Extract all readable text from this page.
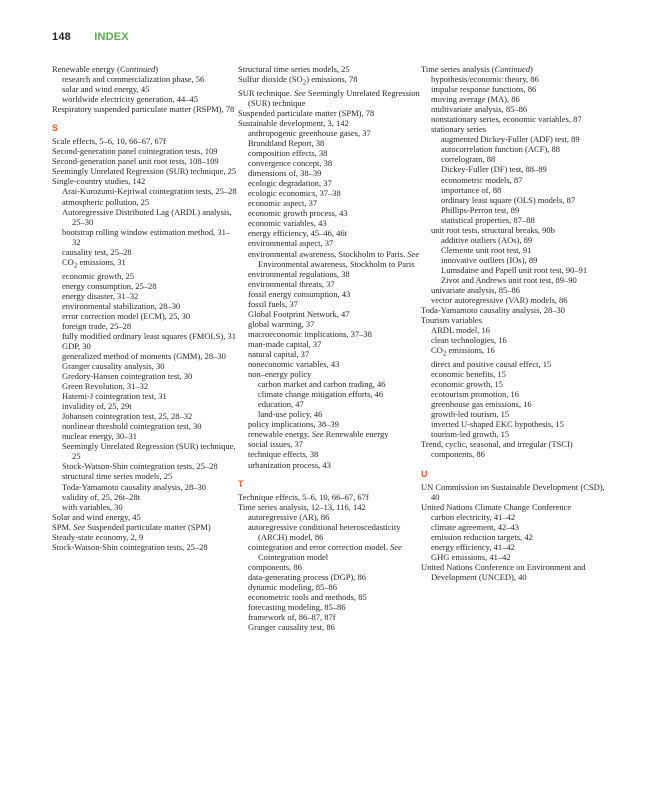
148 INDEX
Renewable energy (Continued)
research and commercialization phase, 56
solar and wind energy, 45
worldwide electricity generation, 44–45
Respiratory suspended particulate matter (RSPM), 78
S
Scale effects, 5–6, 10, 66–67, 67f
Second-generation panel cointegration tests, 109
Second-generation panel unit root tests, 108–109
Seemingly Unrelated Regression (SUR) technique, 25
Single-country studies, 142
Arai-Kurozumi-Kejriwal cointegration tests, 25–28
atmospheric pollution, 25
Autoregressive Distributed Lag (ARDL) analysis, 25–30
bootstrap rolling window estimation method, 31–32
causality test, 25–28
$CO_2$ emissions, 31
economic growth, 25
energy consumption, 25–28
energy disaster, 31–32
environmental stabilization, 28–30
error correction model (ECM), 25, 30
foreign trade, 25–28
fully modified ordinary least squares (FMOLS), 31
GDP, 30
generalized method of moments (GMM), 28–30
Granger causality analysis, 30
Gredory-Hansen cointegration test, 30
Green Revolution, 31–32
Hatemi-J cointegration test, 31
invalidity of, 25, 29t
Johansen cointegration test, 25, 28–32
nonlinear threshold cointegration test, 30
nuclear energy, 30–31
Seemingly Unrelated Regression (SUR) technique, 25
Stock-Watson-Shin cointegration tests, 25–28
structural time series models, 25
Toda-Yamamoto causality analysis, 28–30
validity of, 25, 26t–28t
with variables, 30
Solar and wind energy, 45
SPM. See Suspended particulate matter (SPM)
Steady-state economy, 2, 9
Stock-Watson-Shin cointegration tests, 25–28
Structural time series models, 25
Sulfur dioxide $(SO_2)$ emissions, 78
SUR technique. See Seemingly Unrelated Regression (SUR) technique
Suspended particulate matter (SPM), 78
Sustainable development, 3, 142
anthropogenic greenhouse gases, 37
Brundtland Report, 38
composition effects, 38
convergence concept, 38
dimensions of, 38–39
ecologic degradation, 37
ecologic economics, 37–38
economic aspect, 37
economic growth process, 43
economic variables, 43
energy efficiency, 45–46, 46t
environmental aspect, 37
environmental awareness, Stockholm to Paris. See Environmental awareness, Stockholm to Paris
environmental regulations, 38
environmental threats, 37
fossil energy consumption, 43
fossil fuels, 37
Global Footprint Network, 47
global warming, 37
macroeconomic implications, 37–38
man-made capital, 37
natural capital, 37
noneconomic variables, 43
non–energy policy
carbon market and carbon trading, 46
climate change mitigation efforts, 46
education, 47
land-use policy, 46
policy implications, 38–39
renewable energy. See Renewable energy
social issues, 37
technique effects, 38
urbanization process, 43
T
Technique effects, 5–6, 10, 66–67, 67f
Time series analysis, 12–13, 116, 142
autoregressive (AR), 86
autoregressive conditional heteroscedasticity (ARCH) model, 86
cointegration and error correction model. See Cointegration model
components, 86
data-generating process (DGP), 86
dynamic modeling, 85–86
econometric tools and methods, 85
forecasting modeling, 85–86
framework of, 86–87, 87f
Granger causality test, 86
Time series analysis (Continued)
hypothesis/economic theory, 86
impulse response functions, 86
moving average (MA), 86
multivariate analysis, 85–86
nonstationary series, economic variables, 87
stationary series
augmented Dickey-Fuller (ADF) test, 89
autocorrelation function (ACF), 88
correlogram, 88
Dickey-Fuller (DF) test, 88–89
econometric models, 87
importance of, 88
ordinary least square (OLS) models, 87
Phillips-Perron test, 89
statistical properties, 87–88
unit root tests, structural breaks, 90b
additive outliers (AOs), 89
Clemente unit root test, 91
innovative outliers (IOs), 89
Lumsdaine and Papell unit root test, 90–91
Zivot and Andrews unit root test, 89–90
univariate analysis, 85–86
vector autoregressive (VAR) models, 86
Toda-Yamamoto causality analysis, 28–30
Tourism variables
ARDL model, 16
clean technologies, 16
$CO_2$ emissions, 16
direct and positive causal effect, 15
economic benefits, 15
economic growth, 15
ecotourism promotion, 16
greenhouse gas emissions, 16
growth-led tourism, 15
inverted U-shaped EKC hypothesis, 15
tourism-led growth, 15
Trend, cyclic, seasonal, and irregular (TSCI) components, 86
U
UN Commission on Sustainable Development (CSD), 40
United Nations Climate Change Conference
carbon electricity, 41–42
climate agreement, 42–43
emission reduction targets, 42
energy efficiency, 41–42
GHG emissions, 41–42
United Nations Conference on Environment and Development (UNCED), 40
